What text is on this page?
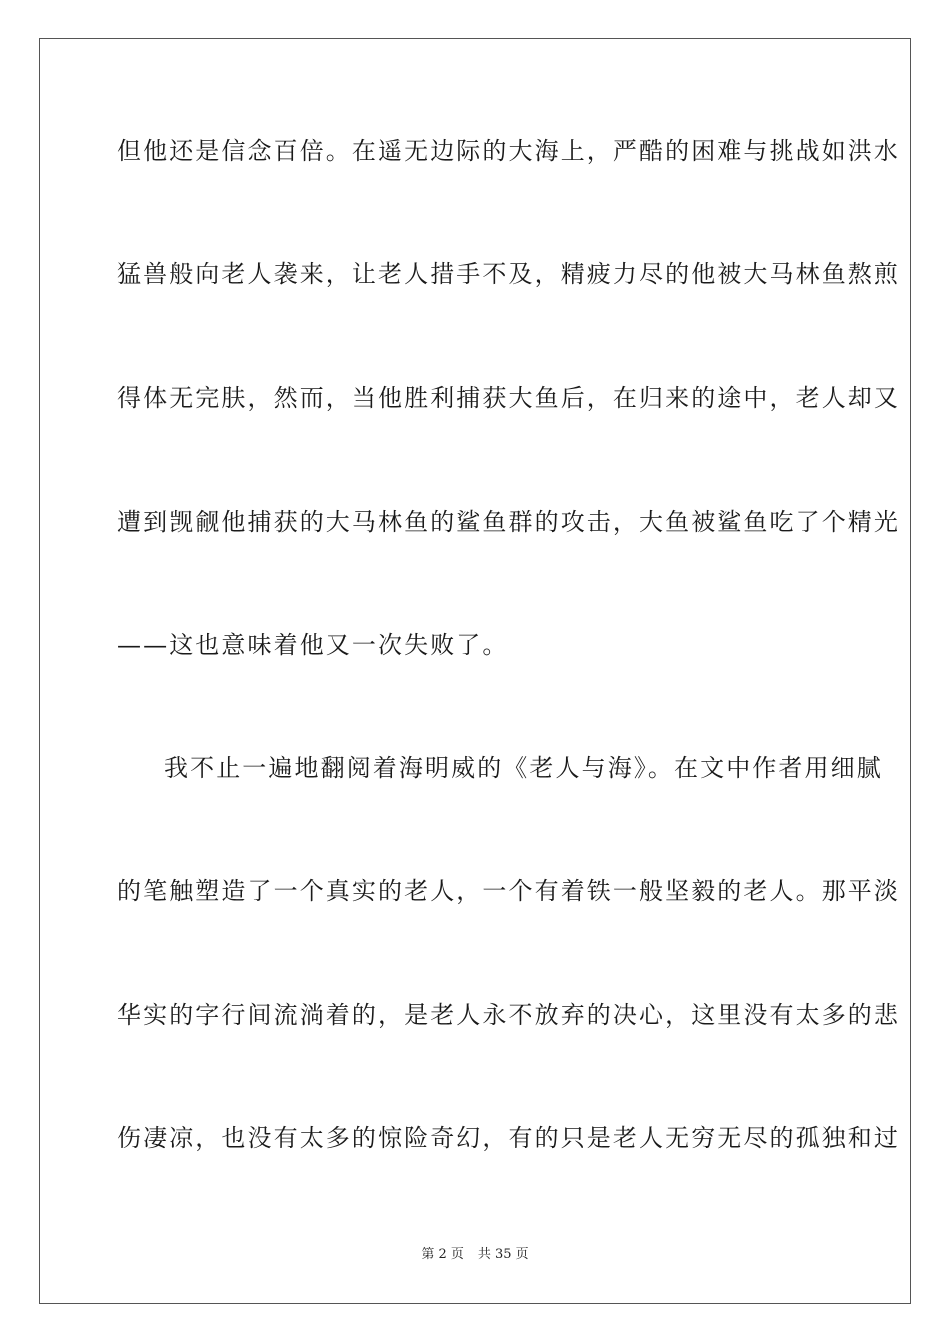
但他还是信念百倍。在遥无边际的大海上，严酷的困难与挑战如洪水
猛兽般向老人袭来，让老人措手不及，精疲力尽的他被大马林鱼熬煎
得体无完肤，然而，当他胜利捕获大鱼后，在归来的途中，老人却又
遭到觊觎他捕获的大马林鱼的鲨鱼群的攻击，大鱼被鲨鱼吃了个精光
——这也意味着他又一次失败了。
我不止一遍地翻阅着海明威的《老人与海》。在文中作者用细腻
的笔触塑造了一个真实的老人，一个有着铁一般坚毅的老人。那平淡
华实的字行间流淌着的，是老人永不放弃的决心，这里没有太多的悲
伤凄凉，也没有太多的惊险奇幻，有的只是老人无穷无尽的孤独和过
第 2 页 共 35 页
